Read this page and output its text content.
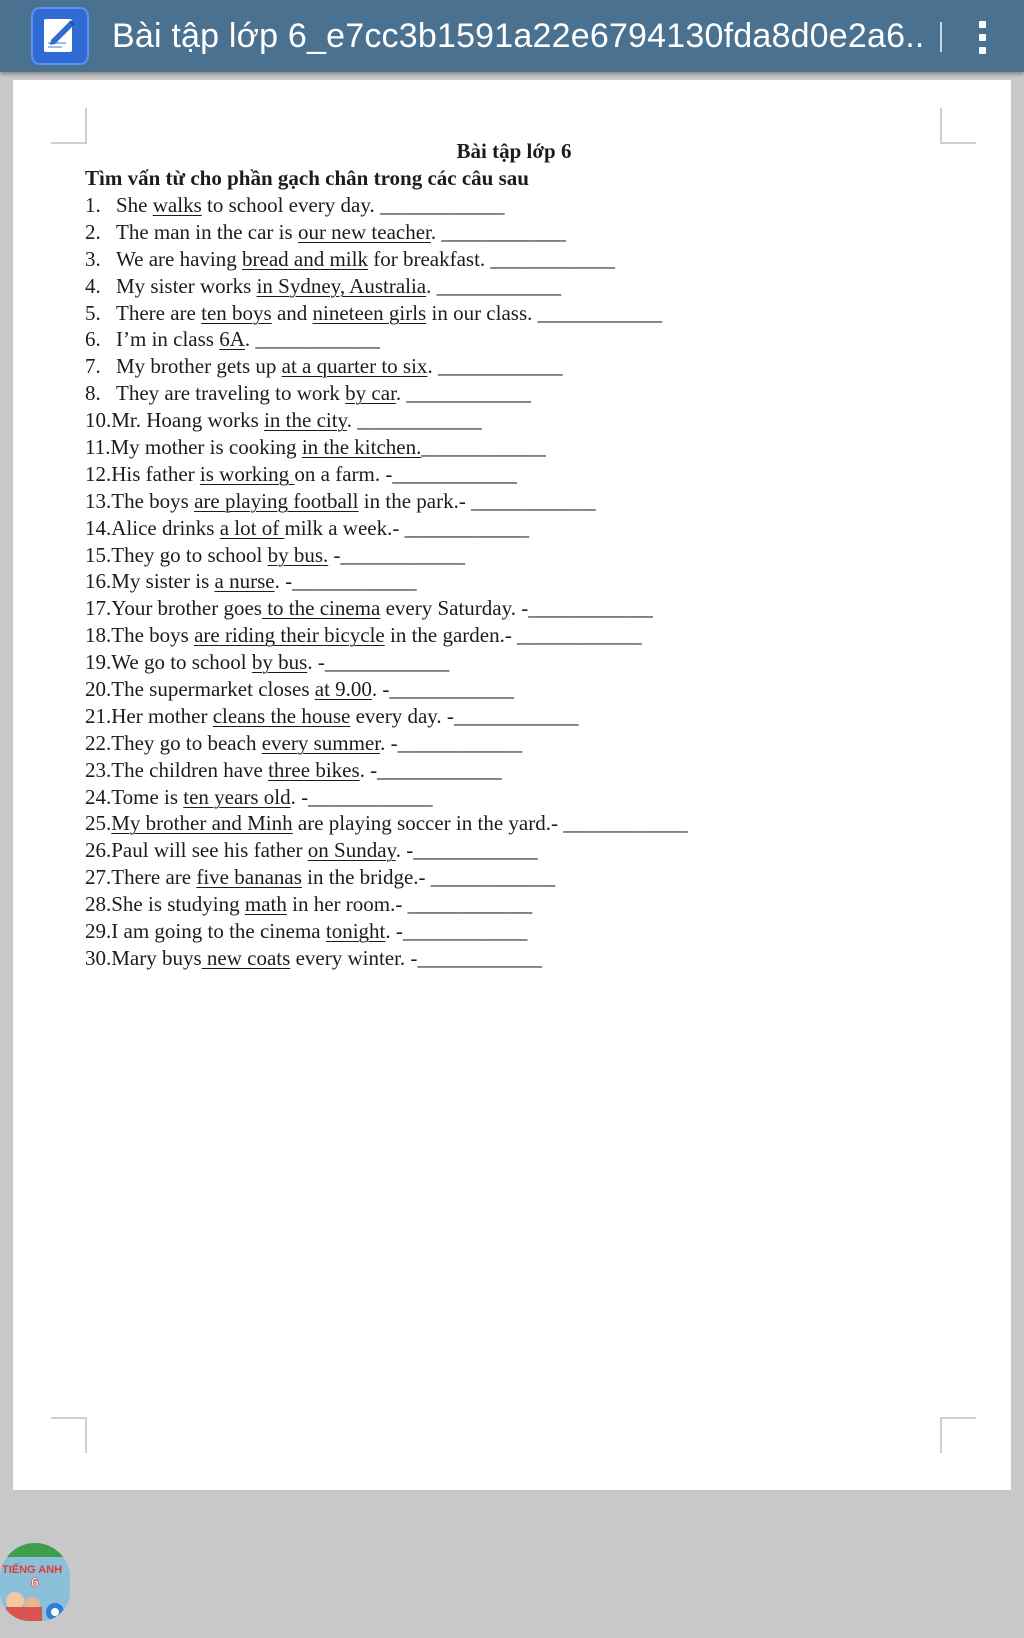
Bài tập lớp 6_e7cc3b1591a22e6794130fda8d0e2a6..
Bài tập lớp 6
Tìm vấn từ cho phần gạch chân trong các câu sau
1. She walks to school every day. _____________
2. The man in the car is our new teacher. _____________
3. We are having bread and milk for breakfast. _____________
4. My sister works in Sydney, Australia. _____________
5. There are ten boys and nineteen girls in our class. _____________
6. I’m in class 6A. _____________
7. My brother gets up at a quarter to six. _____________
8. They are traveling to work by car. _____________
10.Mr. Hoang works in the city. _____________
11.My mother is cooking in the kitchen._____________
12.His father is working on a farm. -_____________
13.The boys are playing football in the park.- _____________
14.Alice drinks a lot of milk a week.- _____________
15.They go to school by bus. -_____________
16.My sister is a nurse. -_____________
17.Your brother goes to the cinema every Saturday. -_____________
18.The boys are riding their bicycle in the garden.- _____________
19.We go to school by bus. -_____________
20.The supermarket closes at 9.00. -_____________
21.Her mother cleans the house every day. -_____________
22.They go to beach every summer. -_____________
23.The children have three bikes. -_____________
24.Tome is ten years old. -_____________
25.My brother and Minh are playing soccer in the yard.- _____________
26.Paul will see his father on Sunday. -_____________
27.There are five bananas in the bridge.- _____________
28.She is studying math in her room.- _____________
29.I am going to the cinema tonight. -_____________
30.Mary buys new coats every winter. -_____________
TIẾNG ANH
6
